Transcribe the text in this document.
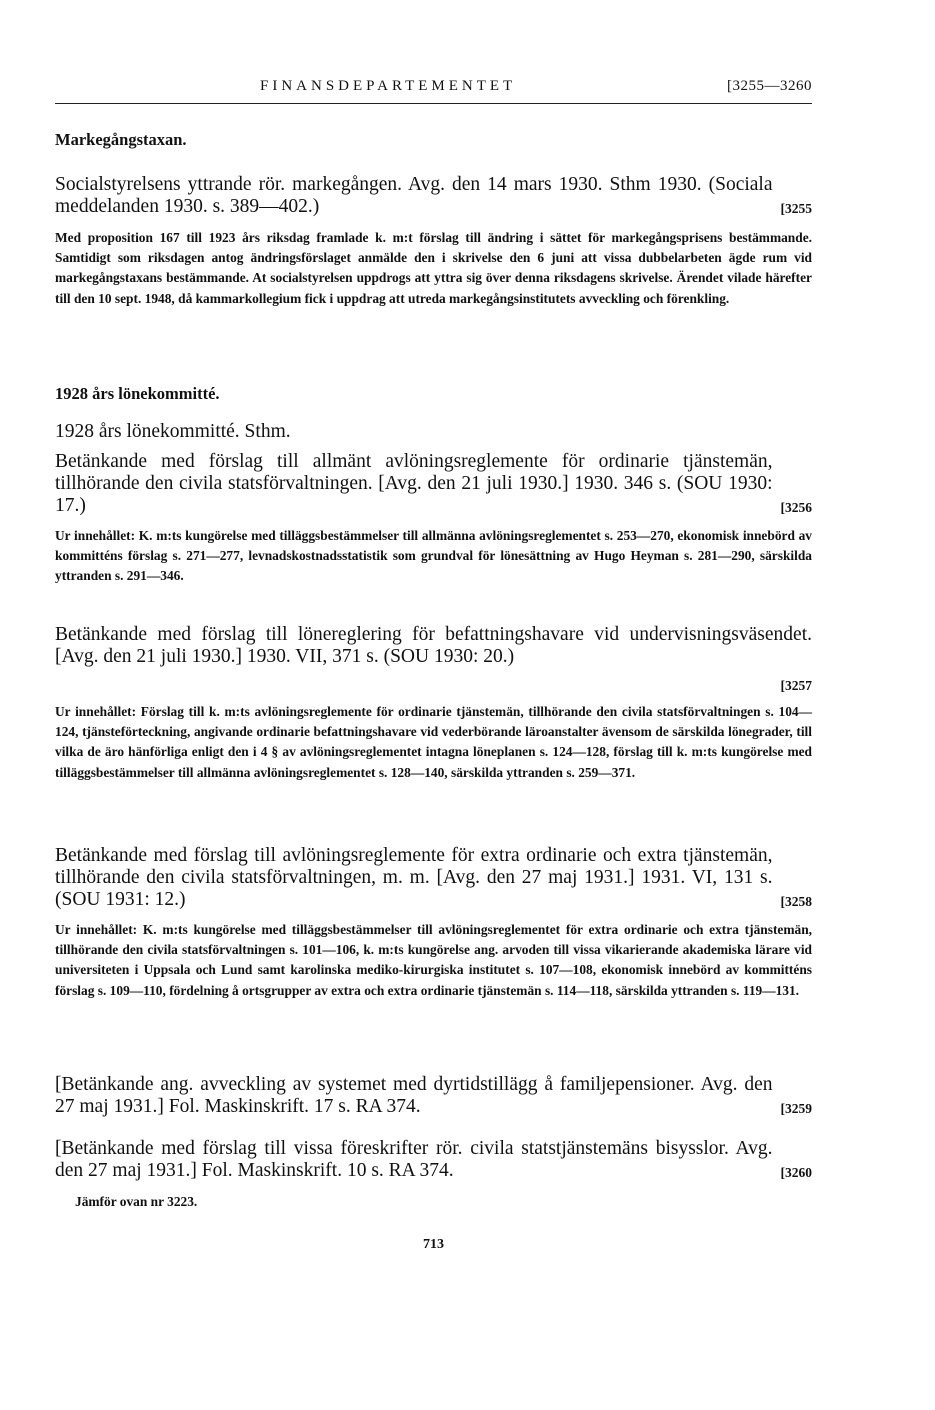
FINANSDEPARTEMENTET	[3255—3260
Markegångstaxan.
[3255
Socialstyrelsens yttrande rör. markegången. Avg. den 14 mars 1930. Sthm 1930. (Sociala meddelanden 1930. s. 389—402.)
Med proposition 167 till 1923 års riksdag framlade k. m:t förslag till ändring i sättet för markegångsprisens bestämmande. Samtidigt som riksdagen antog ändringsförslaget anmälde den i skrivelse den 6 juni att vissa dubbelarbeten ägde rum vid markegångstaxans bestämmande. At socialstyrelsen uppdrogs att yttra sig över denna riksdagens skrivelse. Ärendet vilade härefter till den 10 sept. 1948, då kammarkollegium fick i uppdrag att utreda markegångsinstitutets avveckling och förenkling.
1928 års lönekommitté.
1928 års lönekommitté. Sthm.
[3256
Betänkande med förslag till allmänt avlöningsreglemente för ordinarie tjänstemän, tillhörande den civila statsförvaltningen. [Avg. den 21 juli 1930.] 1930. 346 s. (SOU 1930: 17.)
Ur innehållet: K. m:ts kungörelse med tilläggsbestämmelser till allmänna avlöningsreglementet s. 253—270, ekonomisk innebörd av kommitténs förslag s. 271—277, levnadskostnadsstatistik som grundval för lönesättning av Hugo Heyman s. 281—290, särskilda yttranden s. 291—346.
Betänkande med förslag till lönereglering för befattningshavare vid undervisningsväsendet. [Avg. den 21 juli 1930.] 1930. VII, 371 s. (SOU 1930: 20.)
[3257
Ur innehållet: Förslag till k. m:ts avlöningsreglemente för ordinarie tjänstemän, tillhörande den civila statsförvaltningen s. 104—124, tjänsteförteckning, angivande ordinarie befattningshavare vid vederbörande läroanstalter ävensom de särskilda lönegrader, till vilka de äro hänförliga enligt den i 4 § av avlöningsreglementet intagna löneplanen s. 124—128, förslag till k. m:ts kungörelse med tilläggsbestämmelser till allmänna avlöningsreglementet s. 128—140, särskilda yttranden s. 259—371.
[3258
Betänkande med förslag till avlöningsreglemente för extra ordinarie och extra tjänstemän, tillhörande den civila statsförvaltningen, m. m. [Avg. den 27 maj 1931.] 1931. VI, 131 s. (SOU 1931: 12.)
Ur innehållet: K. m:ts kungörelse med tilläggsbestämmelser till avlöningsreglementet för extra ordinarie och extra tjänstemän, tillhörande den civila statsförvaltningen s. 101—106, k. m:ts kungörelse ang. arvoden till vissa vikarierande akademiska lärare vid universiteten i Uppsala och Lund samt karolinska mediko-kirurgiska institutet s. 107—108, ekonomisk innebörd av kommitténs förslag s. 109—110, fördelning å ortsgrupper av extra och extra ordinarie tjänstemän s. 114—118, särskilda yttranden s. 119—131.
[3259
[Betänkande ang. avveckling av systemet med dyrtidstillägg å familjepensioner. Avg. den 27 maj 1931.] Fol. Maskinskrift. 17 s. RA 374.
[3260
[Betänkande med förslag till vissa föreskrifter rör. civila statstjänstemäns bisysslor. Avg. den 27 maj 1931.] Fol. Maskinskrift. 10 s. RA 374.
Jämför ovan nr 3223.
713
